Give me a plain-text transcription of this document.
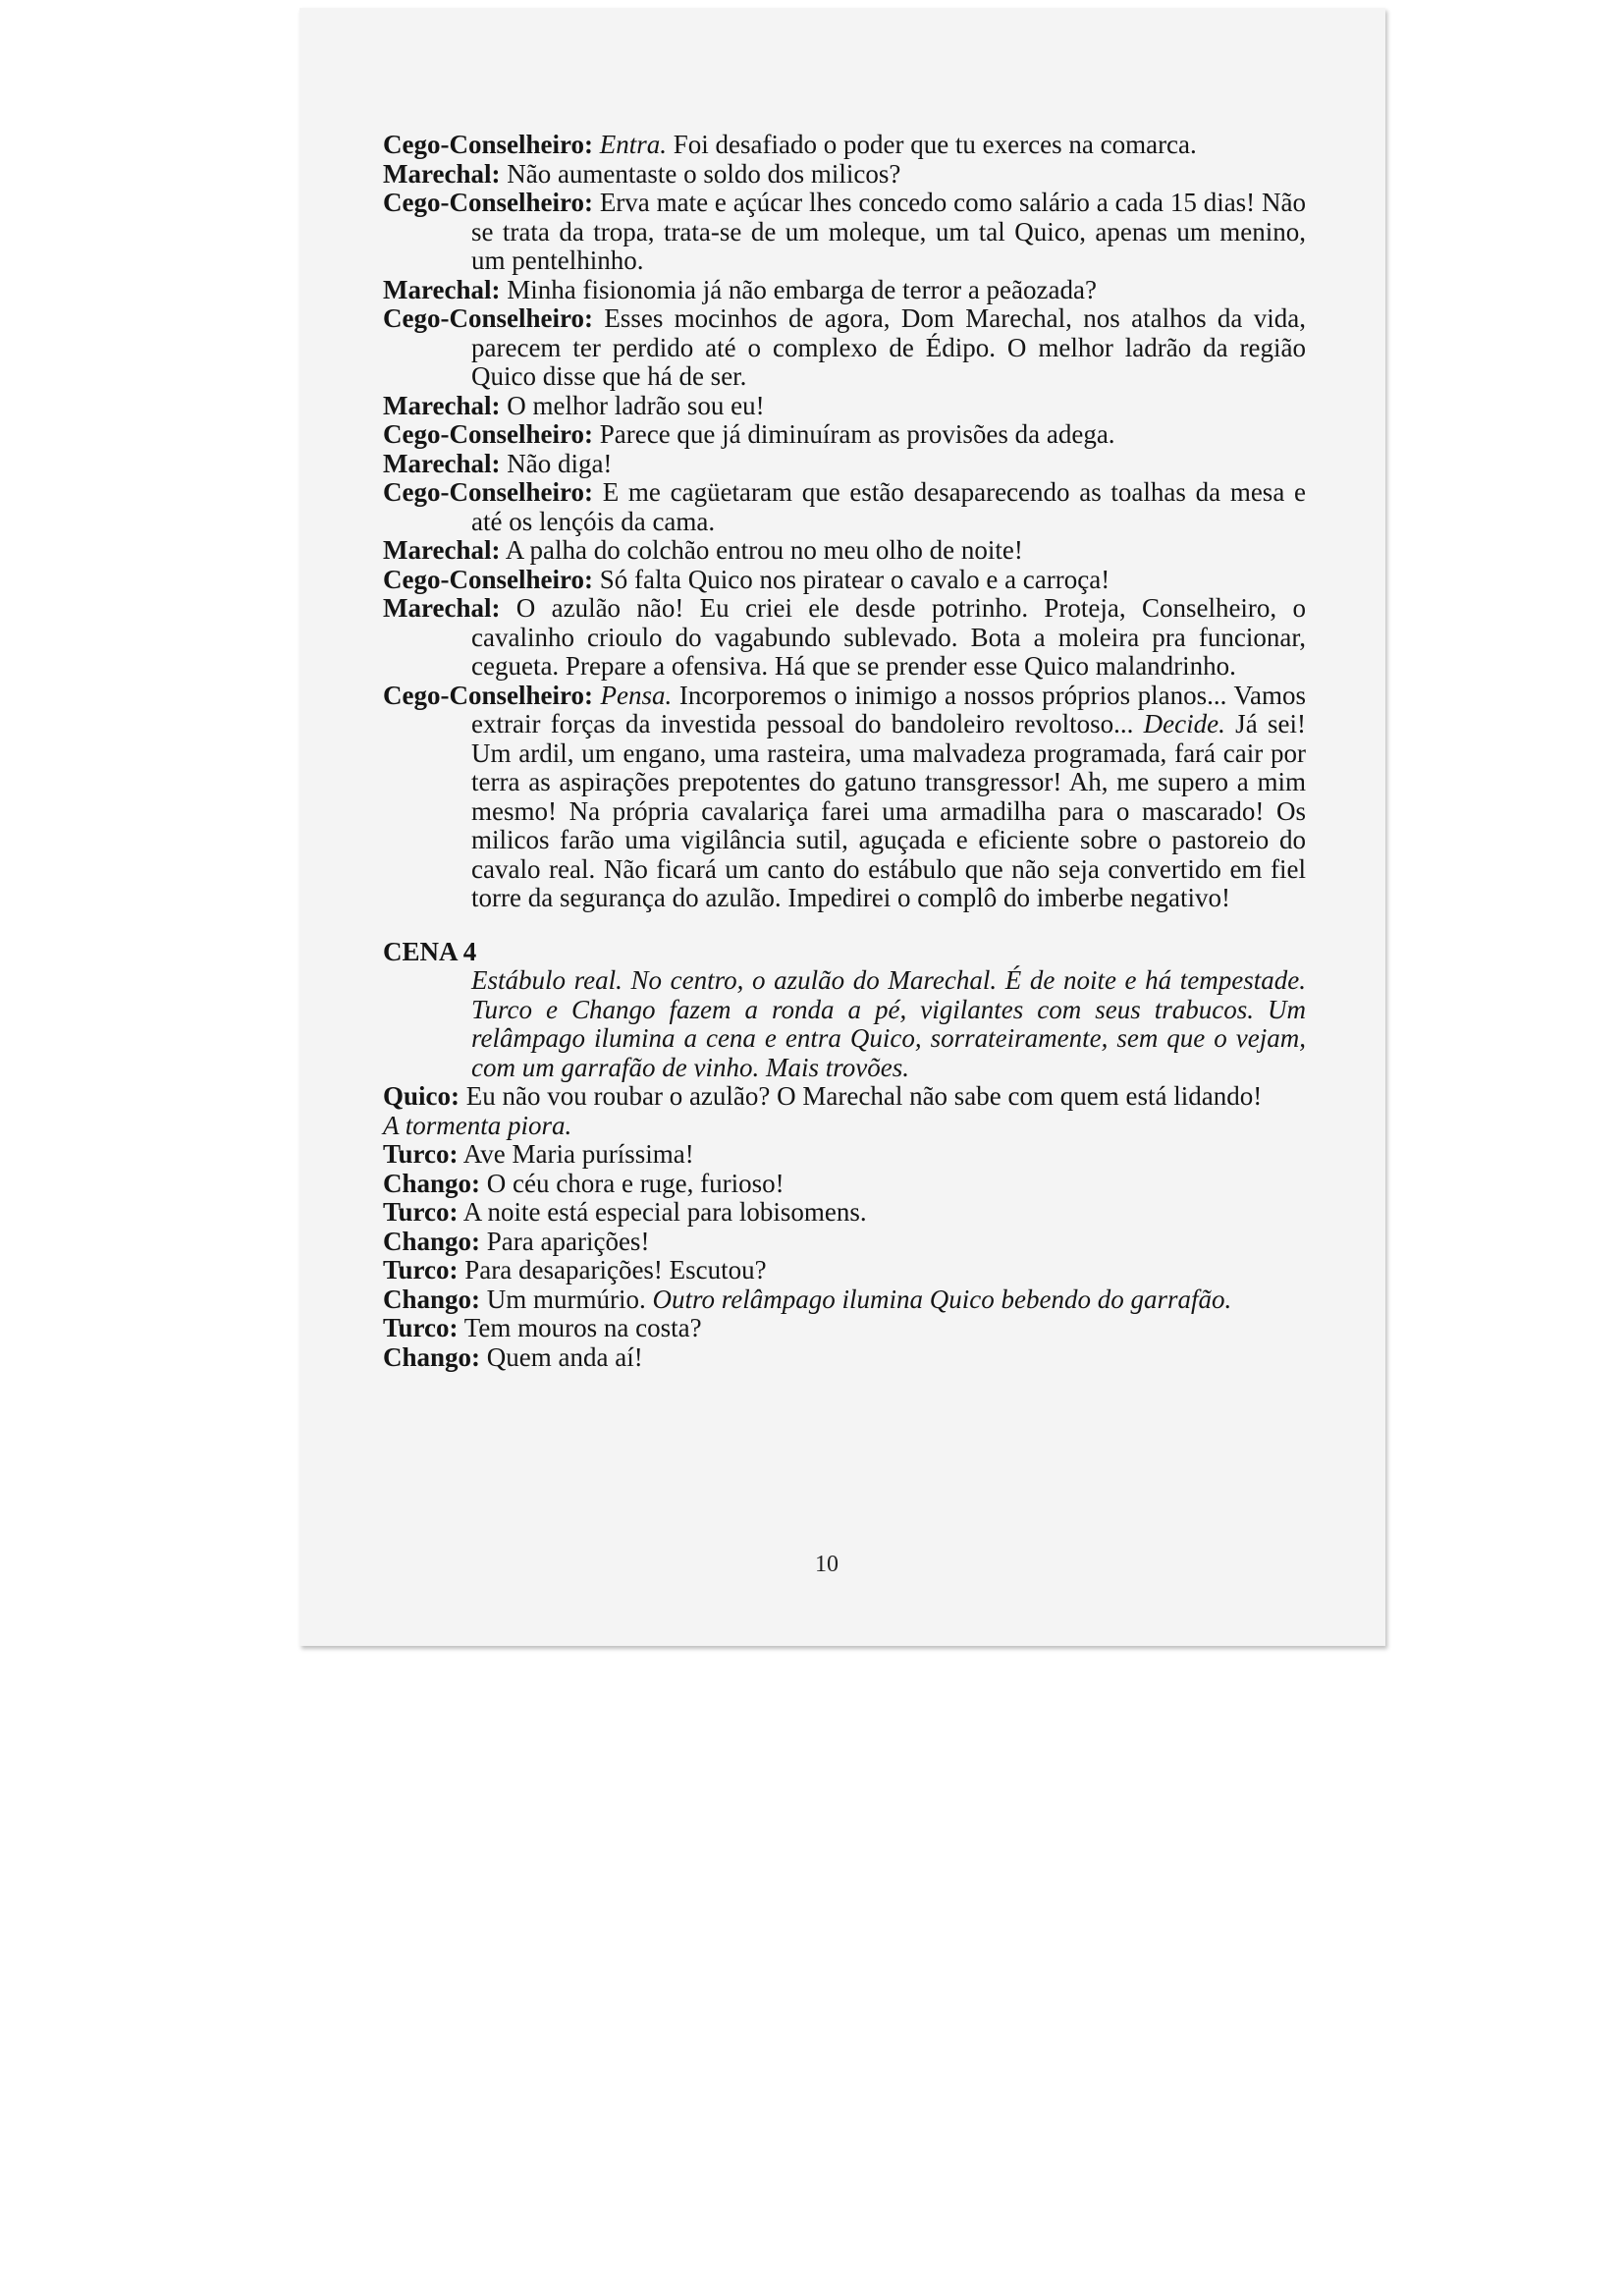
Cego-Conselheiro: Entra. Foi desafiado o poder que tu exerces na comarca.
Marechal: Não aumentaste o soldo dos milicos?
Cego-Conselheiro: Erva mate e açúcar lhes concedo como salário a cada 15 dias! Não se trata da tropa, trata-se de um moleque, um tal Quico, apenas um menino, um pentelhinho.
Marechal: Minha fisionomia já não embarga de terror a peãozada?
Cego-Conselheiro: Esses mocinhos de agora, Dom Marechal, nos atalhos da vida, parecem ter perdido até o complexo de Édipo. O melhor ladrão da região Quico disse que há de ser.
Marechal: O melhor ladrão sou eu!
Cego-Conselheiro: Parece que já diminuíram as provisões da adega.
Marechal: Não diga!
Cego-Conselheiro: E me cagüetaram que estão desaparecendo as toalhas da mesa e até os lençóis da cama.
Marechal: A palha do colchão entrou no meu olho de noite!
Cego-Conselheiro: Só falta Quico nos piratear o cavalo e a carroça!
Marechal: O azulão não! Eu criei ele desde potrinho. Proteja, Conselheiro, o cavalinho crioulo do vagabundo sublevado. Bota a moleira pra funcionar, cegueta. Prepare a ofensiva. Há que se prender esse Quico malandrinho.
Cego-Conselheiro: Pensa. Incorporemos o inimigo a nossos próprios planos... Vamos extrair forças da investida pessoal do bandoleiro revoltoso... Decide. Já sei! Um ardil, um engano, uma rasteira, uma malvadeza programada, fará cair por terra as aspirações prepotentes do gatuno transgressor! Ah, me supero a mim mesmo! Na própria cavalariça farei uma armadilha para o mascarado! Os milicos farão uma vigilância sutil, aguçada e eficiente sobre o pastoreio do cavalo real. Não ficará um canto do estábulo que não seja convertido em fiel torre da segurança do azulão. Impedirei o complô do imberbe negativo!
CENA 4
Estábulo real. No centro, o azulão do Marechal. É de noite e há tempestade. Turco e Chango fazem a ronda a pé, vigilantes com seus trabucos. Um relâmpago ilumina a cena e entra Quico, sorrateiramente, sem que o vejam, com um garrafão de vinho. Mais trovões.
Quico: Eu não vou roubar o azulão? O Marechal não sabe com quem está lidando!
A tormenta piora.
Turco: Ave Maria puríssima!
Chango: O céu chora e ruge, furioso!
Turco: A noite está especial para lobisomens.
Chango: Para aparições!
Turco: Para desaparições! Escutou?
Chango: Um murmúrio. Outro relâmpago ilumina Quico bebendo do garrafão.
Turco: Tem mouros na costa?
Chango: Quem anda aí!
10
